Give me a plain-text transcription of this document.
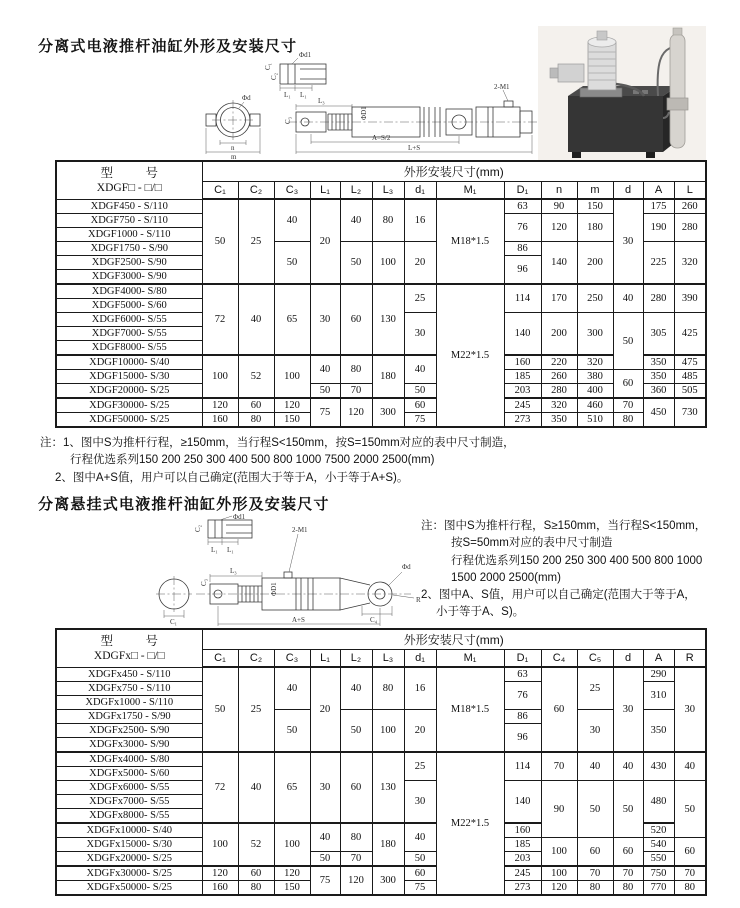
分离式电液推杆油缸外形及安装尺寸
Φd
n
m
Φd1
C₁
C₂
L₁ L₁
C₃
L₃
ΦD1
2-M1
A=S/2
L+S
型　号
XDGF□ - □/□	外形安装尺寸(mm)													
	C₁	C₂	C₃	L₁	L₂	L₃	d₁	M₁	D₁	n	m	d	A	L
XDGF450 - S/110	50	25	40	20	40	80	16	M18*1.5	63	90	150	30	175	260
XDGF750 - S/110									76	120	180		190	280
XDGF1000 - S/110														
XDGF1750 - S/90			50		50	100	20		86	140	200		225	320
XDGF2500- S/90									96					
XDGF3000- S/90														
XDGF4000- S/80	72	40	65	30	60	130	25	M22*1.5	114	170	250	40	280	390
XDGF5000- S/60														
XDGF6000- S/55							30		140	200	300	50	305	425
XDGF7000- S/55														
XDGF8000- S/55														
XDGF10000- S/40	100	52	100	40	80	180	40		160	220	320		350	475
XDGF15000- S/30									185	260	380	60	350	485
XDGF20000- S/25				50	70		50		203	280	400		360	505
XDGF30000- S/25	120	60	120	75	120	300	60		245	320	460	70	450	730
XDGF50000- S/25	160	80	150				75		273	350	510	80		
注：1、图中S为推杆行程，≥150mm，当行程S<150mm，按S=150mm对应的表中尺寸制造，
行程优选系列150 200 250 300 400 500 800 1000 7500 2000 2500(mm)
2、图中A+S值，用户可以自己确定(范围大于等于A，小于等于A+S)。
分离悬挂式电液推杆油缸外形及安装尺寸
Φd1
C₂
L₁ L₁
C₁
C₃
L₃
ΦD1
2-M1
Φd
R
C₄
A+S
注：图中S为推杆行程，S≥150mm，当行程S<150mm，
按S=50mm对应的表中尺寸制造
行程优选系列150 200 250 300 400 500 800 1000
1500 2000 2500(mm)
2、图中A、S值，用户可以自己确定(范围大于等于A，
小于等于A、S)。
型　号
XDGFx□ - □/□	外形安装尺寸(mm)													
	C₁	C₂	C₃	L₁	L₂	L₃	d₁	M₁	D₁	C₄	C₅	d	A	R
XDGFx450 - S/110	50	25	40	20	40	80	16	M18*1.5	63	60	25	30	290	30
XDGFx750 - S/110									76				310	
XDGFx1000 - S/110														
XDGFx1750 - S/90			50		50	100	20		86		30		350	
XDGFx2500- S/90									96					
XDGFx3000- S/90														
XDGFx4000- S/80	72	40	65	30	60	130	25	M22*1.5	114	70	40	40	430	40
XDGFx5000- S/60														
XDGFx6000- S/55							30		140	90	50	50	480	50
XDGFx7000- S/55														
XDGFx8000- S/55														
XDGFx10000- S/40	100	52	100	40	80	180	40		160				520	
XDGFx15000- S/30									185	100	60	60	540	60
XDGFx20000- S/25				50	70		50		203				550	
XDGFx30000- S/25	120	60	120	75	120	300	60		245	100	70	70	750	70
XDGFx50000- S/25	160	80	150				75		273	120	80	80	770	80
